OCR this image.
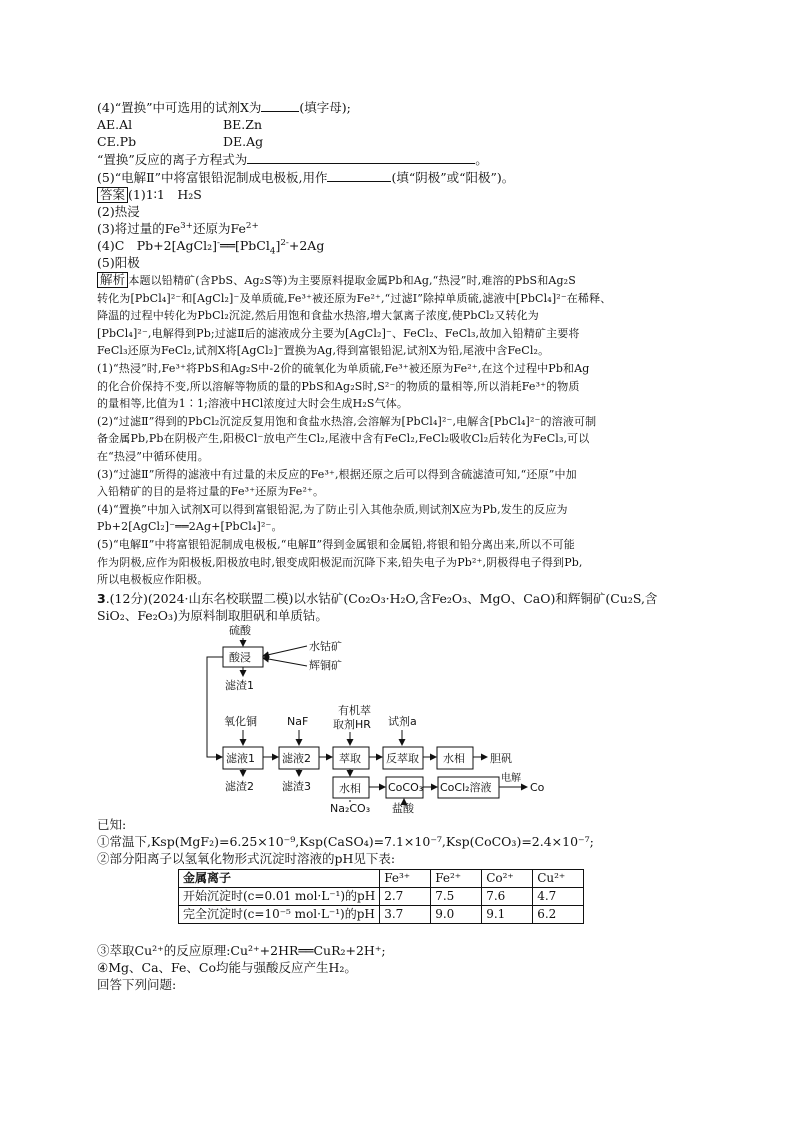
(4)“置换”中可选用的试剂X为	(填字母);
AE.Al	BE.Zn
CE.Pb	DE.Ag
“置换”反应的离子方程式为	。
(5)“电解Ⅱ”中将富银铅泥制成电极板,用作	(填“阴极”或“阳极”)。
答案 (1)1∶1　H₂S
(2)热浸
(3)将过量的$Fe^{3+}$还原为$Fe^{2+}$
(4)C　Pb+2[AgCl₂]-══[PbCl$_4$]$^{2-}$+2Ag
(5)阳极
解析 本题以铅精矿(含PbS、Ag₂S等)为主要原料提取金属Pb和Ag,“热浸”时,难溶的PbS和Ag₂S
转化为[PbCl₄]²⁻和[AgCl₂]⁻及单质硫,Fe³⁺被还原为Fe²⁺,“过滤Ⅰ”除掉单质硫,滤液中[PbCl₄]²⁻在稀释、
降温的过程中转化为PbCl₂沉淀,然后用饱和食盐水热溶,增大氯离子浓度,使PbCl₂又转化为
[PbCl₄]²⁻,电解得到Pb;过滤Ⅱ后的滤液成分主要为[AgCl₂]⁻、FeCl₂、FeCl₃,故加入铅精矿主要将
FeCl₃还原为FeCl₂,试剂X将[AgCl₂]⁻置换为Ag,得到富银铅泥,试剂X为铅,尾液中含FeCl₂。
(1)“热浸”时,Fe³⁺将PbS和Ag₂S中-2价的硫氧化为单质硫,Fe³⁺被还原为Fe²⁺,在这个过程中Pb和Ag
的化合价保持不变,所以溶解等物质的量的PbS和Ag₂S时,S²⁻的物质的量相等,所以消耗Fe³⁺的物质
的量相等,比值为1∶1;溶液中HCl浓度过大时会生成H₂S气体。
(2)“过滤Ⅱ”得到的PbCl₂沉淀反复用饱和食盐水热溶,会溶解为[PbCl₄]²⁻,电解含[PbCl₄]²⁻的溶液可制
备金属Pb,Pb在阴极产生,阳极Cl⁻放电产生Cl₂,尾液中含有FeCl₂,FeCl₂吸收Cl₂后转化为FeCl₃,可以
在“热浸”中循环使用。
(3)“过滤Ⅱ”所得的滤液中有过量的未反应的Fe³⁺,根据还原之后可以得到含硫滤渣可知,“还原”中加
入铅精矿的目的是将过量的Fe³⁺还原为Fe²⁺。
(4)“置换”中加入试剂X可以得到富银铅泥,为了防止引入其他杂质,则试剂X应为Pb,发生的反应为
Pb+2[AgCl₂]⁻══2Ag+[PbCl₄]²⁻。
(5)“电解Ⅱ”中将富银铅泥制成电极板,“电解Ⅱ”得到金属银和金属铅,将银和铅分离出来,所以不可能
作为阴极,应作为阳极板,阳极放电时,银变成阳极泥而沉降下来,铅失电子为Pb²⁺,阴极得电子得到Pb,
所以电极板应作阳极。
3.(12分)(2024·山东名校联盟二模)以水钴矿(Co₂O₃·H₂O,含Fe₂O₃、MgO、CaO)和辉铜矿(Cu₂S,含
SiO₂、Fe₂O₃)为原料制取胆矾和单质钴。
硫酸
酸浸
水钴矿
辉铜矿
滤渣1
氧化铜	NaF
有机萃
取剂HR 试剂a
滤液1 滤液2	萃取 反萃取 水相 胆矾
滤渣2	滤渣3	水相 CoCO₃ CoCl₂溶液
电解
Co
Na₂CO₃ 盐酸
已知:
①常温下,Ksp(MgF₂)=6.25×10⁻⁹,Ksp(CaSO₄)=7.1×10⁻⁷,Ksp(CoCO₃)=2.4×10⁻⁷;
②部分阳离子以氢氧化物形式沉淀时溶液的pH见下表:
金属离子	Fe³⁺	Fe²⁺	Co²⁺	Cu²⁺
开始沉淀时(c=0.01 mol·L⁻¹)的pH	2.7	7.5	7.6	4.7
完全沉淀时(c=10⁻⁵ mol·L⁻¹)的pH	3.7	9.0	9.1	6.2
③萃取Cu²⁺的反应原理:Cu²⁺+2HR══CuR₂+2H⁺;
④Mg、Ca、Fe、Co均能与强酸反应产生H₂。
回答下列问题:
